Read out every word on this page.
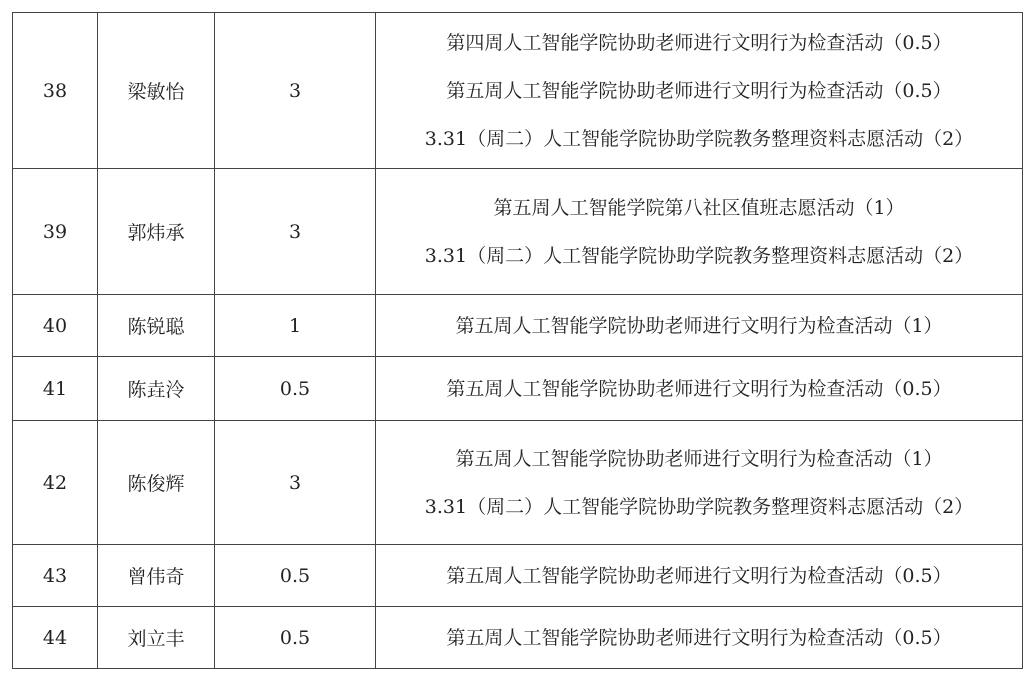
38	梁敏怡	3	第四周人工智能学院协助老师进行文明行为检查活动（0.5）
第五周人工智能学院协助老师进行文明行为检查活动（0.5）
3.31（周二）人工智能学院协助学院教务整理资料志愿活动（2）

39	郭炜承	3	第五周人工智能学院第八社区值班志愿活动（1）
3.31（周二）人工智能学院协助学院教务整理资料志愿活动（2）

40	陈锐聪	1	第五周人工智能学院协助老师进行文明行为检查活动（1）

41	陈垚泠	0.5	第五周人工智能学院协助老师进行文明行为检查活动（0.5）

42	陈俊辉	3	第五周人工智能学院协助老师进行文明行为检查活动（1）
3.31（周二）人工智能学院协助学院教务整理资料志愿活动（2）

43	曾伟奇	0.5	第五周人工智能学院协助老师进行文明行为检查活动（0.5）

44	刘立丰	0.5	第五周人工智能学院协助老师进行文明行为检查活动（0.5）
